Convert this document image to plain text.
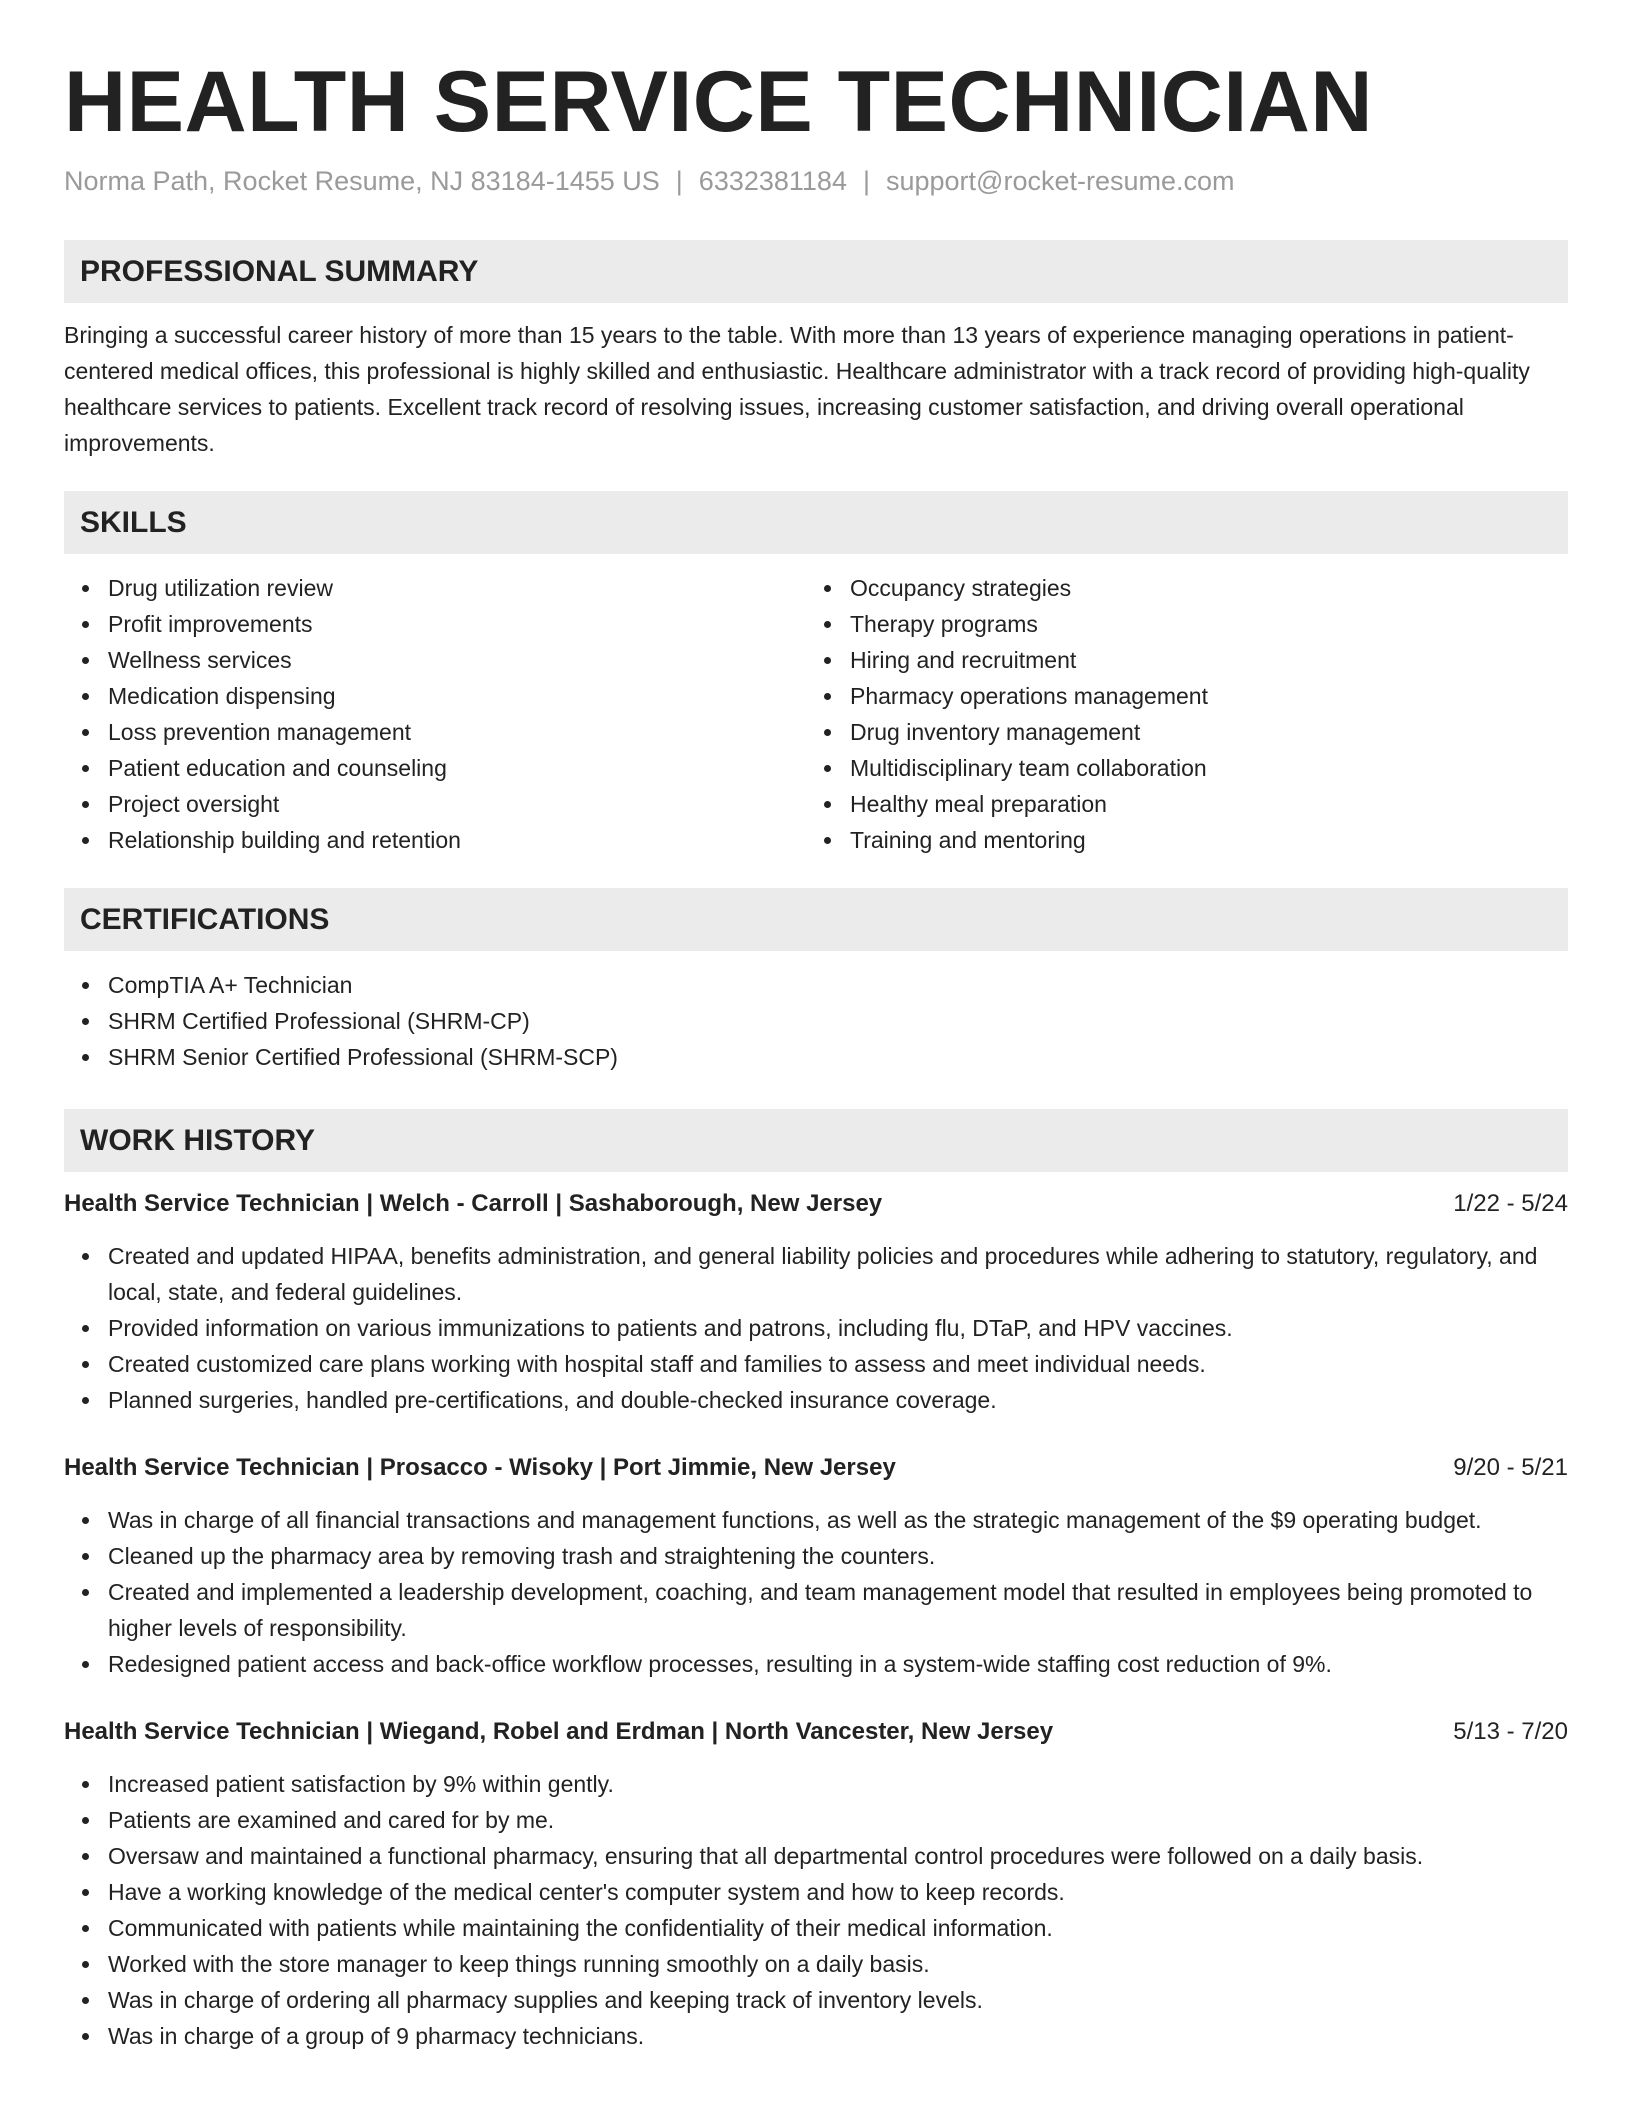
HEALTH SERVICE TECHNICIAN
Norma Path, Rocket Resume, NJ 83184-1455 US | 6332381184 | support@rocket-resume.com
PROFESSIONAL SUMMARY
Bringing a successful career history of more than 15 years to the table. With more than 13 years of experience managing operations in patient-centered medical offices, this professional is highly skilled and enthusiastic. Healthcare administrator with a track record of providing high-quality healthcare services to patients. Excellent track record of resolving issues, increasing customer satisfaction, and driving overall operational improvements.
SKILLS
Drug utilization review
Profit improvements
Wellness services
Medication dispensing
Loss prevention management
Patient education and counseling
Project oversight
Relationship building and retention
Occupancy strategies
Therapy programs
Hiring and recruitment
Pharmacy operations management
Drug inventory management
Multidisciplinary team collaboration
Healthy meal preparation
Training and mentoring
CERTIFICATIONS
CompTIA A+ Technician
SHRM Certified Professional (SHRM-CP)
SHRM Senior Certified Professional (SHRM-SCP)
WORK HISTORY
Health Service Technician | Welch - Carroll | Sashaborough, New Jersey	1/22 - 5/24
Created and updated HIPAA, benefits administration, and general liability policies and procedures while adhering to statutory, regulatory, and local, state, and federal guidelines.
Provided information on various immunizations to patients and patrons, including flu, DTaP, and HPV vaccines.
Created customized care plans working with hospital staff and families to assess and meet individual needs.
Planned surgeries, handled pre-certifications, and double-checked insurance coverage.
Health Service Technician | Prosacco - Wisoky | Port Jimmie, New Jersey	9/20 - 5/21
Was in charge of all financial transactions and management functions, as well as the strategic management of the $9 operating budget.
Cleaned up the pharmacy area by removing trash and straightening the counters.
Created and implemented a leadership development, coaching, and team management model that resulted in employees being promoted to higher levels of responsibility.
Redesigned patient access and back-office workflow processes, resulting in a system-wide staffing cost reduction of 9%.
Health Service Technician | Wiegand, Robel and Erdman | North Vancester, New Jersey	5/13 - 7/20
Increased patient satisfaction by 9% within gently.
Patients are examined and cared for by me.
Oversaw and maintained a functional pharmacy, ensuring that all departmental control procedures were followed on a daily basis.
Have a working knowledge of the medical center's computer system and how to keep records.
Communicated with patients while maintaining the confidentiality of their medical information.
Worked with the store manager to keep things running smoothly on a daily basis.
Was in charge of ordering all pharmacy supplies and keeping track of inventory levels.
Was in charge of a group of 9 pharmacy technicians.
